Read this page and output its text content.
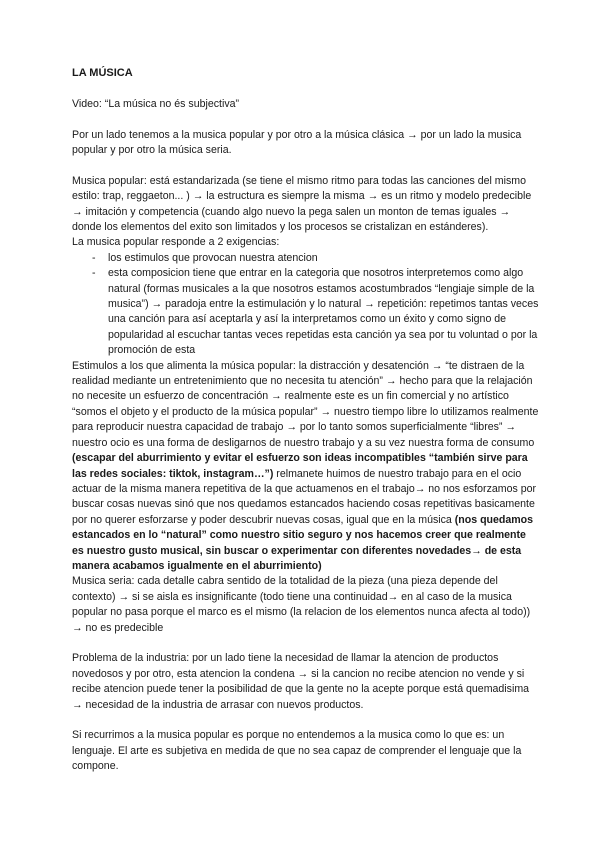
LA MÚSICA

Video: “La música no és subjectiva”

Por un lado tenemos a la musica popular y por otro a la música clásica → por un lado la musica popular y por otro la música seria.

Musica popular: está estandarizada (se tiene el mismo ritmo para todas las canciones del mismo estilo: trap, reggaeton... ) → la estructura es siempre la misma → es un ritmo y modelo predecible → imitación y competencia (cuando algo nuevo la pega salen un monton de temas iguales → donde los elementos del exito son limitados y los procesos se cristalizan en estánderes).

La musica popular responde a 2 exigencias:

- los estimulos que provocan nuestra atencion
- esta composicion tiene que entrar en la categoria que nosotros interpretemos como algo natural (formas musicales a la que nosotros estamos acostumbrados “lengiaje simple de la musica”) → paradoja entre la estimulación y lo natural → repetición: repetimos tantas veces una canción para así aceptarla y así la interpretamos como un éxito y como signo de popularidad al escuchar tantas veces repetidas esta canción ya sea por tu voluntad o por la promoción de esta

Estimulos a los que alimenta la música popular: la distracción y desatención → “te distraen de la realidad mediante un entretenimiento que no necesita tu atención” → hecho para que la relajación no necesite un esfuerzo de concentración → realmente este es un fin comercial y no artístico “somos el objeto y el producto de la música popular” → nuestro tiempo libre lo utilizamos realmente para reproducir nuestra capacidad de trabajo → por lo tanto somos superficialmente “libres” → nuestro ocio es una forma de desligarnos de nuestro trabajo y a su vez nuestra forma de consumo (escapar del aburrimiento y evitar el esfuerzo son ideas incompatibles “también sirve para las redes sociales: tiktok, instagram…”) relmanete huimos de nuestro trabajo para en el ocio actuar de la misma manera repetitiva de la que actuamenos en el trabajo→ no nos esforzamos por buscar cosas nuevas sinó que nos quedamos estancados haciendo cosas repetitivas basicamente por no querer esforzarse y poder descubrir nuevas cosas, igual que en la música (nos quedamos estancados en lo “natural” como nuestro sitio seguro y nos hacemos creer que realmente es nuestro gusto musical, sin buscar o experimentar con diferentes novedades→ de esta manera acabamos igualmente en el aburrimiento)

Musica seria: cada detalle cabra sentido de la totalidad de la pieza (una pieza depende del contexto) → si se aisla es insignificante (todo tiene una continuidad→ en al caso de la musica popular no pasa porque el marco es el mismo (la relacion de los elementos nunca afecta al todo)) → no es predecible

Problema de la industria: por un lado tiene la necesidad de llamar la atencion de productos novedosos y por otro, esta atencion la condena → si la cancion no recibe atencion no vende y si recibe atencion puede tener la posibilidad de que la gente no la acepte porque está quemadisima → necesidad de la industria de arrasar con nuevos productos.

Si recurrimos a la musica popular es porque no entendemos a la musica como lo que es: un lenguaje. El arte es subjetiva en medida de que no sea capaz de comprender el lenguaje que la compone.
